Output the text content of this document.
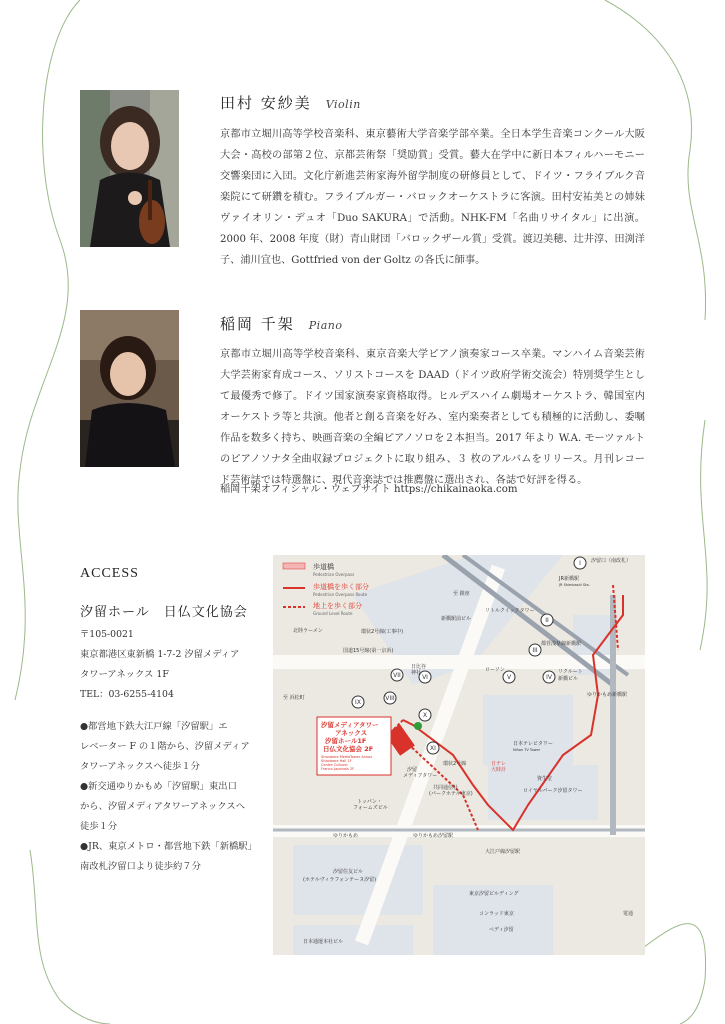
田村 安紗美 Violin
京都市立堀川高等学校音楽科、東京藝術大学音楽学部卒業。全日本学生音楽コンクール大阪大会・高校の部第２位、京都芸術祭「奨励賞」受賞。藝大在学中に新日本フィルハーモニー交響楽団に入団。文化庁新進芸術家海外留学制度の研修員として、ドイツ・フライブルク音楽院にて研鑽を積む。フライブルガー・バロックオーケストラに客演。田村安祐美との姉妹ヴァイオリン・デュオ「Duo SAKURA」で活動。NHK-FM「名曲リサイタル」に出演。2000 年、2008 年度（財）青山財団「バロックザール賞」受賞。渡辺美穂、辻井淳、田渕洋子、浦川宜也、Gottfried von der Goltz の各氏に師事。
稲岡 千架 Piano
京都市立堀川高等学校音楽科、東京音楽大学ピアノ演奏家コース卒業。マンハイム音楽芸術大学芸術家育成コース、ソリストコースを DAAD（ドイツ政府学術交流会）特別奨学生として最優秀で修了。ドイツ国家演奏家資格取得。ヒルデスハイム劇場オーケストラ、韓国室内オーケストラ等と共演。他者と創る音楽を好み、室内楽奏者としても積極的に活動し、委嘱作品を数多く持ち、映画音楽の全編ピアノソロを２本担当。2017 年より W.A. モーツァルトのピアノソナタ全曲収録プロジェクトに取り組み、３ 枚のアルバムをリリース。月刊レコード芸術誌では特選盤に、現代音楽誌では推薦盤に選出され、各誌で好評を得る。
稲岡千架オフィシャル・ウェブサイト https://chikainaoka.com
ACCESS
汐留ホール　日仏文化協会
〒105-0021
東京都港区東新橋 1-7-2 汐留メディア
タワーアネックス 1F
TEL：03-6255-4104
●都営地下鉄大江戸線「汐留駅」エ
レベーター F の１階から、汐留メディア
タワーアネックスへ徒歩１分
●新交通ゆりかもめ「汐留駅」東出口
から、汐留メディアタワーアネックスへ
徒歩１分
●JR、東京メトロ・都営地下鉄「新橋駅」
南改札汐留口より徒歩約７分
歩道橋
Pedestrian Overpass
歩道橋を歩く部分
Pedestrian Overpass Route
地上を歩く部分
Ground Level Route
汐留メディアタワー
アネックス
汐留ホール1F
日仏文化協会 2F
Shiodome MediaTower Annex
Shiodome Hall 1F
Centre Culturel
Franco-Japonais 2F
I
II
III
IV
V
VI
VII
VIII
IX
X
XI
汐留口（南改札）
JR新橋駅
JR Shimbashi Sta.
リトルクイックタワー
都営浅草線新橋駅
リクルート
新橋ビル
ゆりかもめ新橋駅
北陸ラーメン
新橋駅前ビル
国道15号線(第一京浜)
環状2号線(工事中)
日比谷
神社	ローソン
日本テレビタワー
Nihon TV Tower
日テレ
大時計
環状2号線
汐留
メディアタワー
共同通信社
(パークホテル東京)
トッパン・
フォームズビル
資生堂
ロイヤルパーク汐留タワー
ゆりかもめ	ゆりかもめ汐留駅
大江戸線汐留駅
汐留住友ビル
(ホテルヴィラフォンテーヌ汐留)
東京汐留ビルディング
コンラッド東京
ペディ汐留
日本通運本社ビル
電通
至 浜松町
至 銀座
